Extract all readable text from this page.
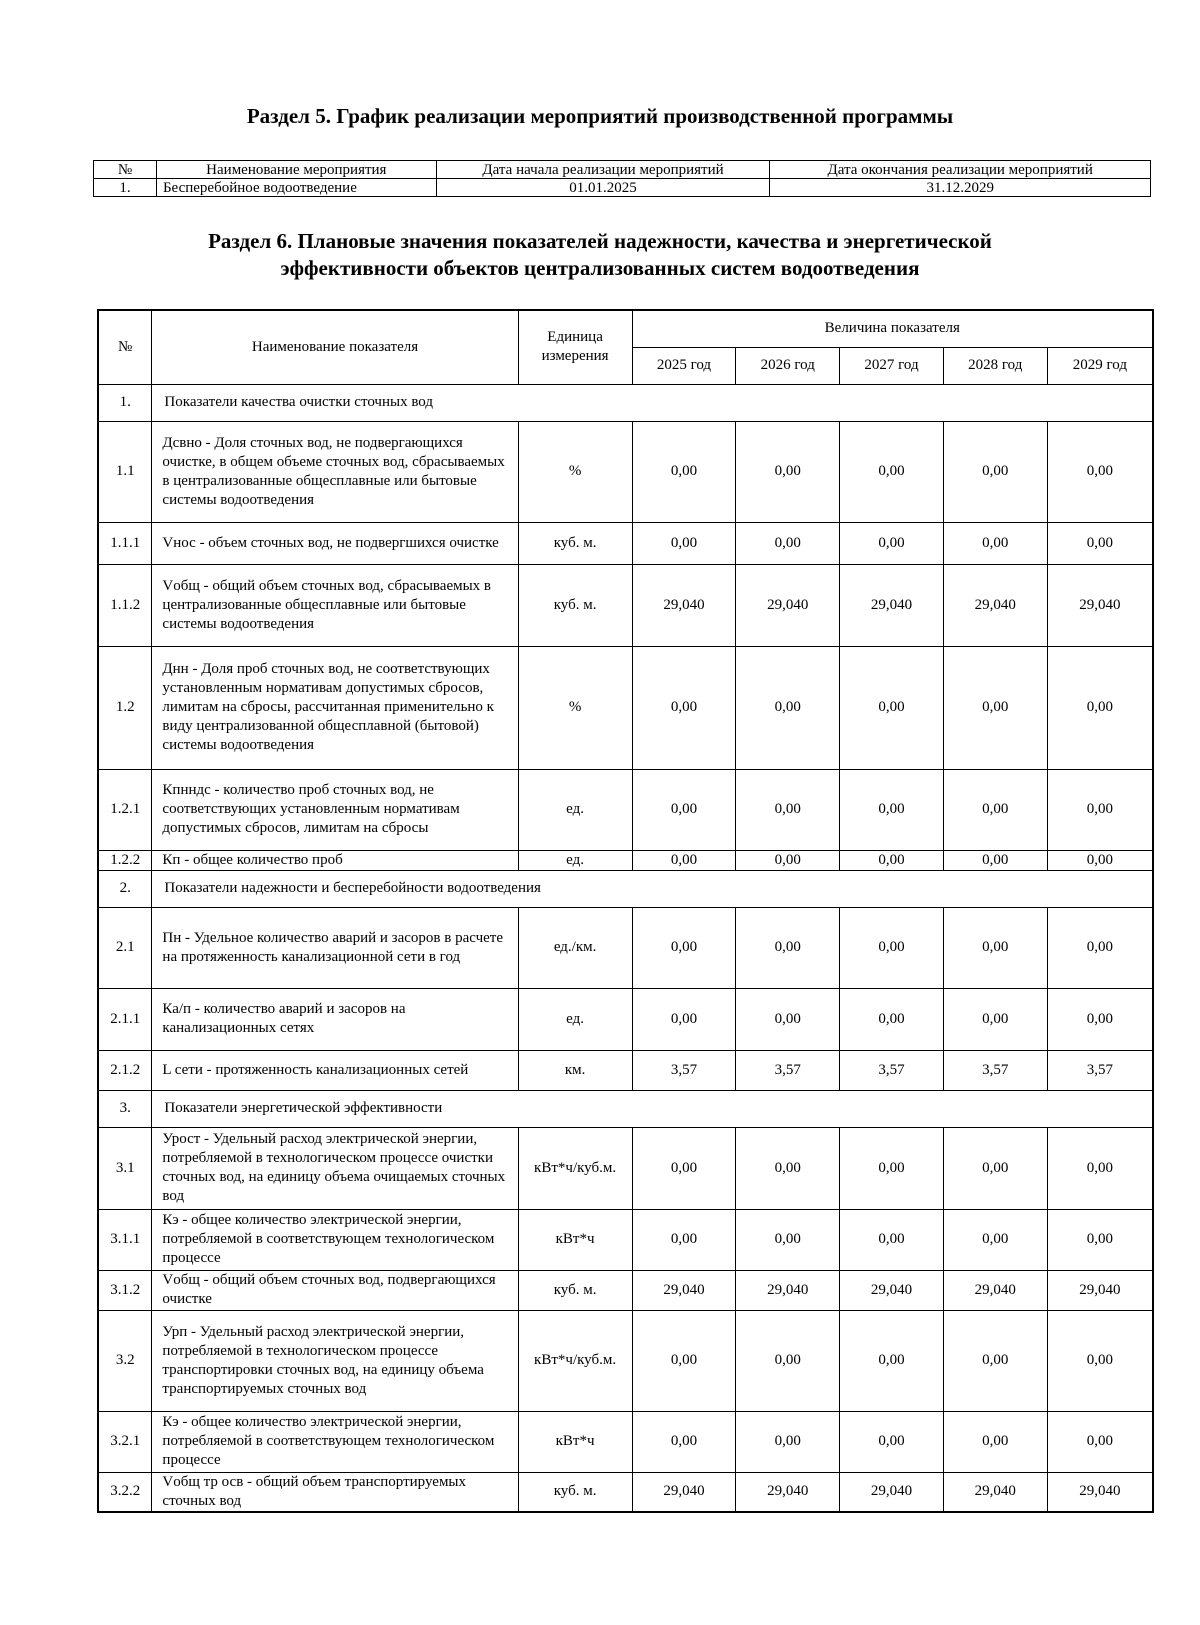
Раздел 5. График реализации мероприятий производственной программы
№	Наименование мероприятия	Дата начала реализации мероприятий	Дата окончания реализации мероприятий
1.	Бесперебойное водоотведение	01.01.2025	31.12.2029
Раздел 6. Плановые значения показателей надежности, качества и энергетической
эффективности объектов централизованных систем водоотведения
№	Наименование показателя	Единица измерения	Величина показателя				
			2025 год	2026 год	2027 год	2028 год	2029 год
1.	Показатели качества очистки сточных вод						
1.1	Дсвно - Доля сточных вод, не подвергающихся очистке, в общем объеме сточных вод, сбрасываемых в централизованные общесплавные или бытовые системы водоотведения	%	0,00	0,00	0,00	0,00	0,00
1.1.1	Vнос - объем сточных вод, не подвергшихся очистке	куб. м.	0,00	0,00	0,00	0,00	0,00
1.1.2	Vобщ - общий объем сточных вод, сбрасываемых в централизованные общесплавные или бытовые системы водоотведения	куб. м.	29,040	29,040	29,040	29,040	29,040
1.2	Днн - Доля проб сточных вод, не соответствующих установленным нормативам допустимых сбросов, лимитам на сбросы, рассчитанная применительно к виду централизованной общесплавной (бытовой) системы водоотведения	%	0,00	0,00	0,00	0,00	0,00
1.2.1	Кпнндс - количество проб сточных вод, не соответствующих установленным нормативам допустимых сбросов, лимитам на сбросы	ед.	0,00	0,00	0,00	0,00	0,00
1.2.2	Кп - общее количество проб	ед.	0,00	0,00	0,00	0,00	0,00
2.	Показатели надежности и бесперебойности водоотведения						
2.1	Пн - Удельное количество аварий и засоров в расчете на протяженность канализационной сети в год	ед./км.	0,00	0,00	0,00	0,00	0,00
2.1.1	Ка/п - количество аварий и засоров на канализационных сетях	ед.	0,00	0,00	0,00	0,00	0,00
2.1.2	L сети - протяженность канализационных сетей	км.	3,57	3,57	3,57	3,57	3,57
3.	Показатели энергетической эффективности						
3.1	Урост - Удельный расход электрической энергии, потребляемой в технологическом процессе очистки сточных вод, на единицу объема очищаемых сточных вод	кВт*ч/куб.м.	0,00	0,00	0,00	0,00	0,00
3.1.1	Кэ - общее количество электрической энергии, потребляемой в соответствующем технологическом процессе	кВт*ч	0,00	0,00	0,00	0,00	0,00
3.1.2	Vобщ - общий объем сточных вод, подвергающихся очистке	куб. м.	29,040	29,040	29,040	29,040	29,040
3.2	Урп - Удельный расход электрической энергии, потребляемой в технологическом процессе транспортировки сточных вод, на единицу объема транспортируемых сточных вод	кВт*ч/куб.м.	0,00	0,00	0,00	0,00	0,00
3.2.1	Кэ - общее количество электрической энергии, потребляемой в соответствующем технологическом процессе	кВт*ч	0,00	0,00	0,00	0,00	0,00
3.2.2	Vобщ тр осв - общий объем транспортируемых сточных вод	куб. м.	29,040	29,040	29,040	29,040	29,040
